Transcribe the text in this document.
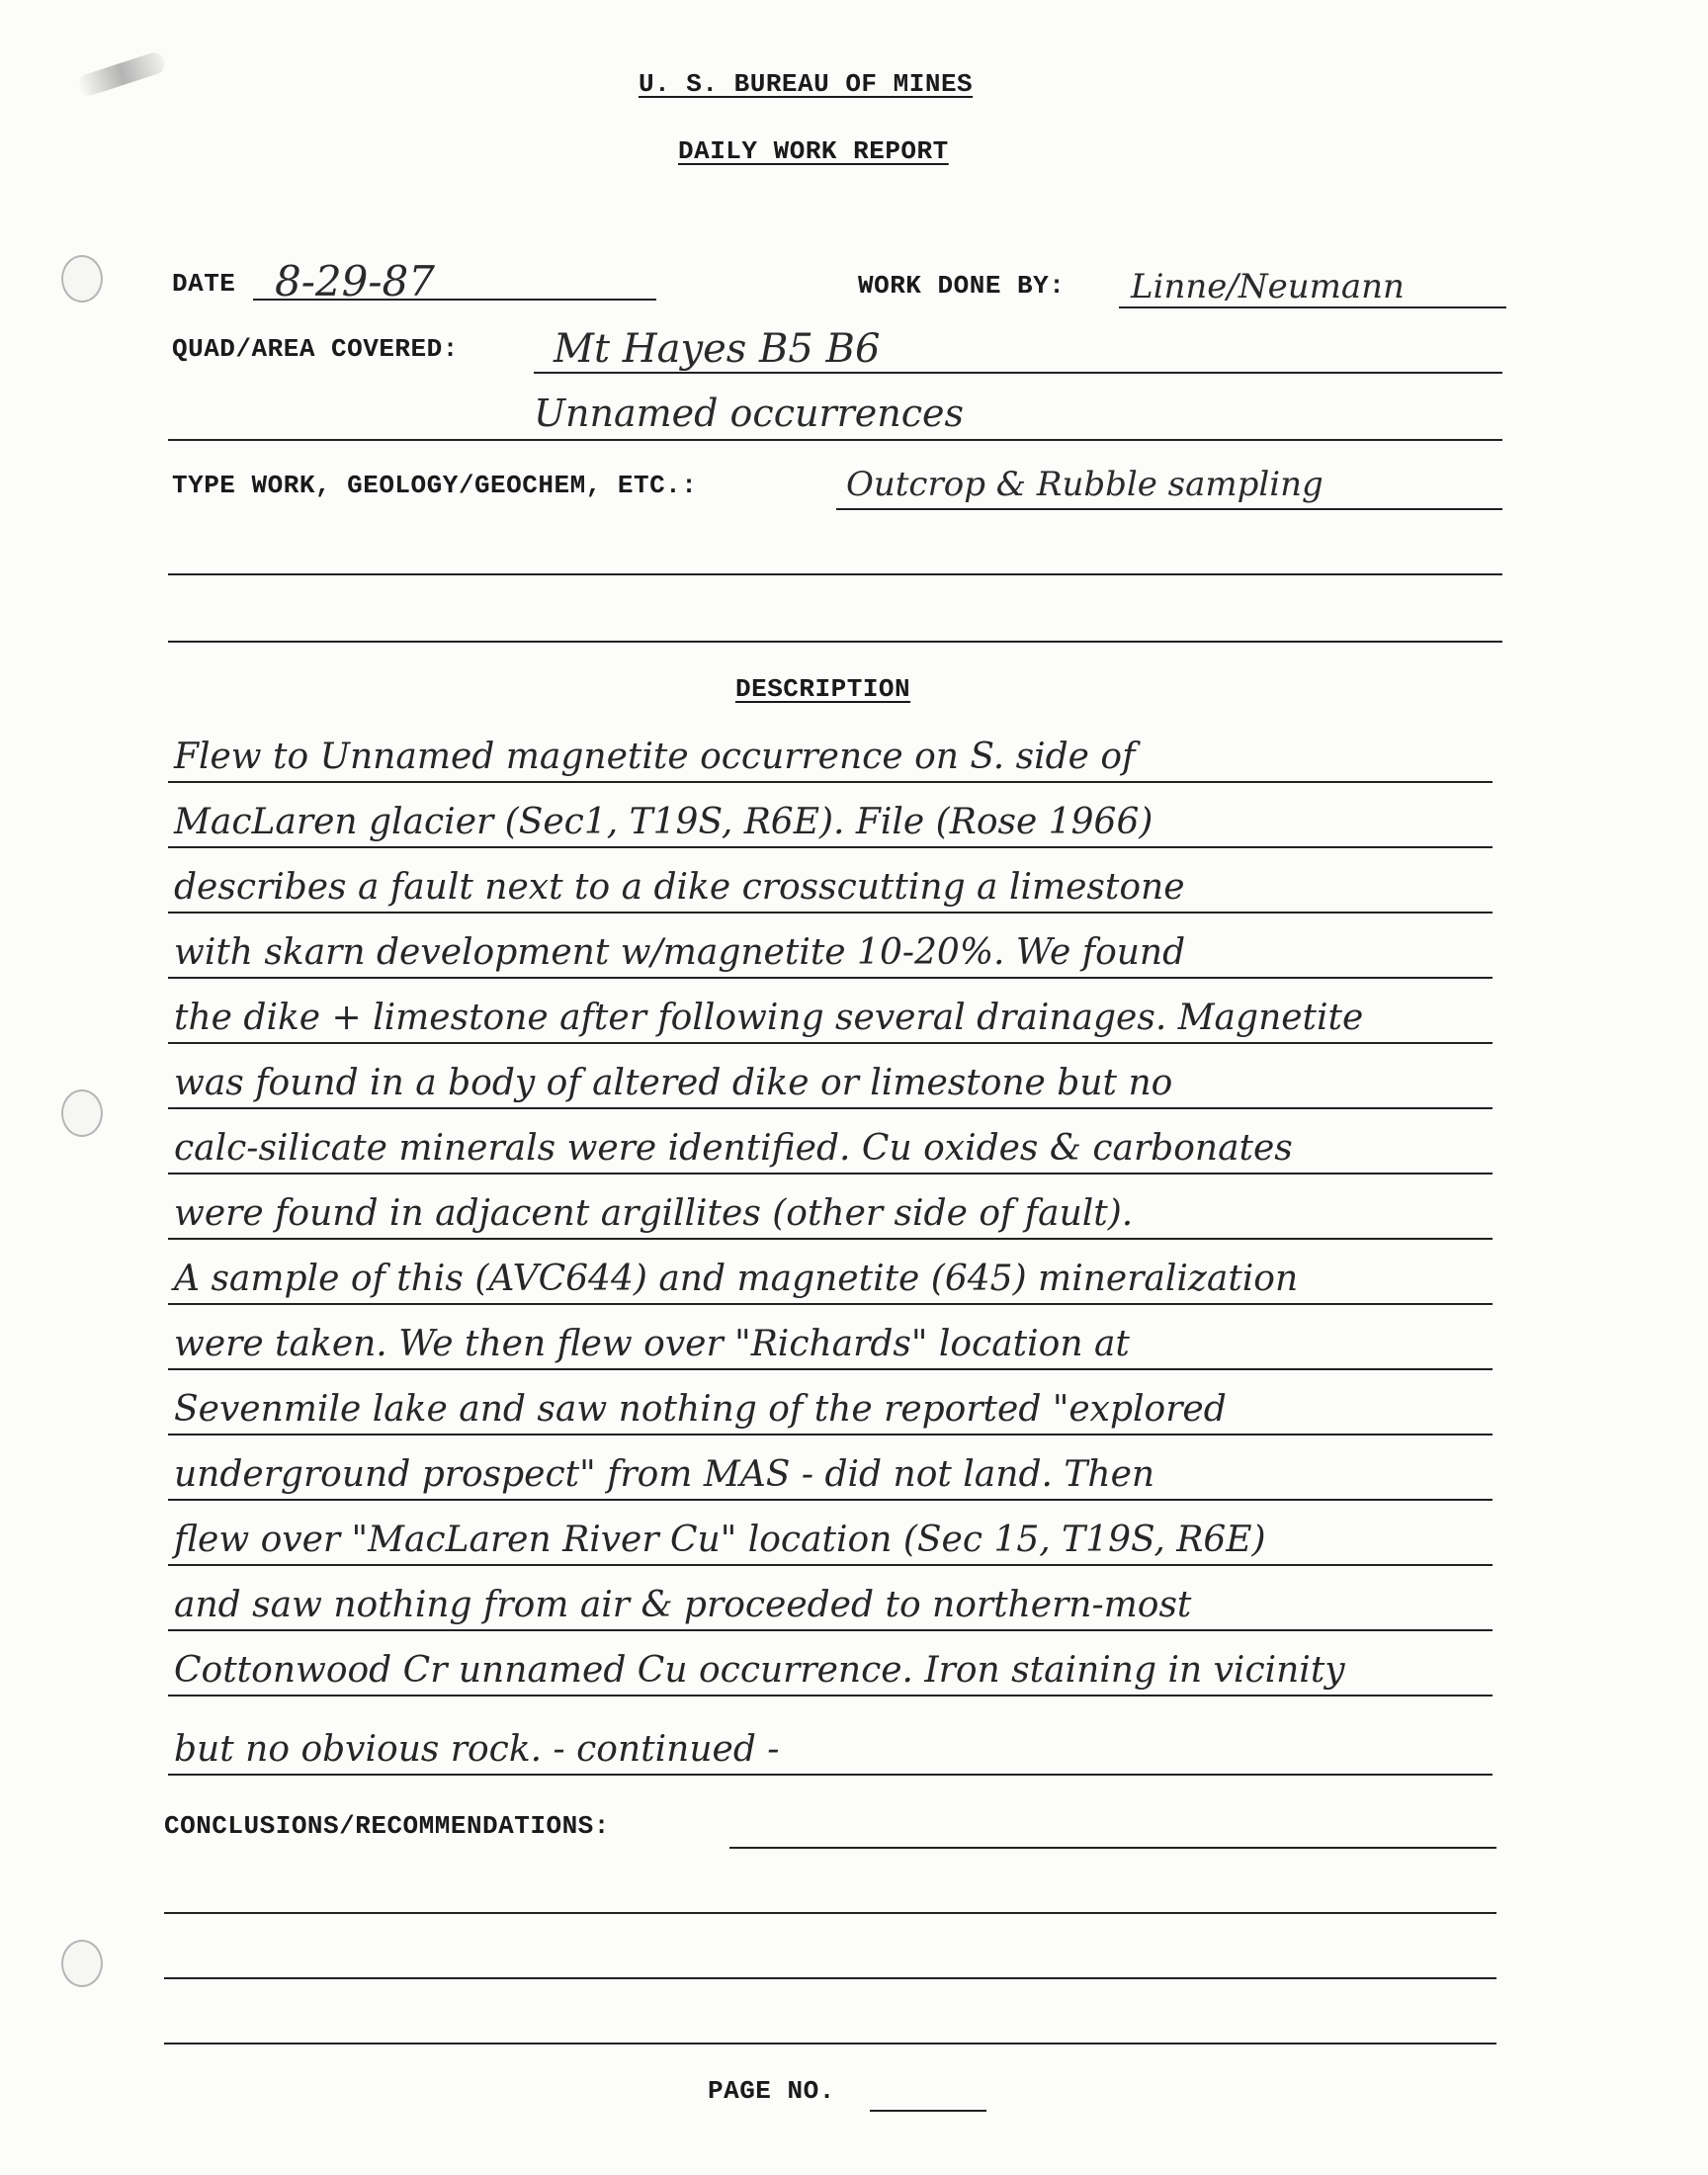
U. S. BUREAU OF MINES
DAILY WORK REPORT
DATE 8-29-87	WORK DONE BY: Linne/Neumann
QUAD/AREA COVERED: Mt Hayes B5 B6
Unnamed occurrences
TYPE WORK, GEOLOGY/GEOCHEM, ETC.:	Outcrop & Rubble sampling
DESCRIPTION
Flew to Unnamed magnetite occurrence on S. side of
MacLaren glacier (Sec1, T19S, R6E). File (Rose 1966)
describes a fault next to a dike crosscutting a limestone
with skarn development w/magnetite 10-20%. We found
the dike + limestone after following several drainages. Magnetite
was found in a body of altered dike or limestone but no
calc-silicate minerals were identified. Cu oxides & carbonates
were found in adjacent argillites (other side of fault).
A sample of this (AVC644) and magnetite (645) mineralization
were taken. We then flew over "Richards" location at
Sevenmile lake and saw nothing of the reported "explored
underground prospect" from MAS - did not land. Then
flew over "MacLaren River Cu" location (Sec 15, T19S, R6E)
and saw nothing from air & proceeded to northern-most
Cottonwood Cr unnamed Cu occurrence. Iron staining in vicinity
but no obvious rock. - continued -
CONCLUSIONS/RECOMMENDATIONS:
PAGE NO.
